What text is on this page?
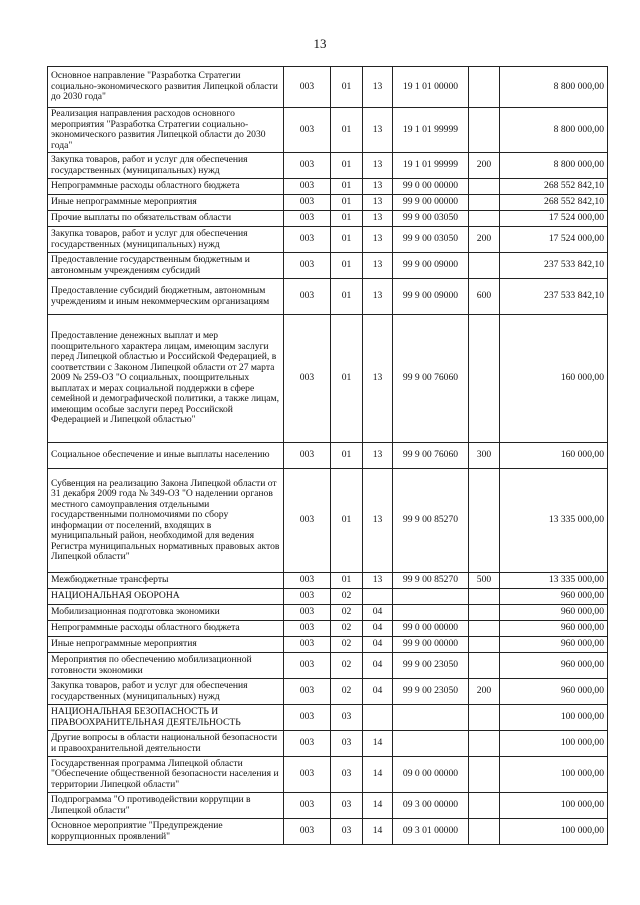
13
Основное направление "Разработка Стратегии социально-экономического развития Липецкой области до 2030 года"	003	01	13	19 1 01 00000		8 800 000,00
Реализация направления расходов основного мероприятия "Разработка Стратегии социально-экономического развития Липецкой области до 2030 года"	003	01	13	19 1 01 99999		8 800 000,00
Закупка товаров, работ и услуг для обеспечения государственных (муниципальных) нужд	003	01	13	19 1 01 99999	200	8 800 000,00
Непрограммные расходы областного бюджета	003	01	13	99 0 00 00000		268 552 842,10
Иные непрограммные мероприятия	003	01	13	99 9 00 00000		268 552 842,10
Прочие выплаты по обязательствам области	003	01	13	99 9 00 03050		17 524 000,00
Закупка товаров, работ и услуг для обеспечения государственных (муниципальных) нужд	003	01	13	99 9 00 03050	200	17 524 000,00
Предоставление государственным бюджетным и автономным учреждениям субсидий	003	01	13	99 9 00 09000		237 533 842,10
Предоставление субсидий бюджетным, автономным учреждениям и иным некоммерческим организациям	003	01	13	99 9 00 09000	600	237 533 842,10
Предоставление денежных выплат и мер поощрительного характера лицам, имеющим заслуги перед Липецкой областью и Российской Федерацией, в соответствии с Законом Липецкой области от 27 марта 2009 № 259-ОЗ "О социальных, поощрительных выплатах и мерах социальной поддержки в сфере семейной и демографической политики, а также лицам, имеющим особые заслуги перед Российской Федерацией и Липецкой областью"	003	01	13	99 9 00 76060		160 000,00
Социальное обеспечение и иные выплаты населению	003	01	13	99 9 00 76060	300	160 000,00
Субвенция на реализацию Закона Липецкой области от 31 декабря 2009 года № 349-ОЗ "О наделении органов местного самоуправления отдельными государственными полномочиями по сбору информации от поселений, входящих в муниципальный район, необходимой для ведения Регистра муниципальных нормативных правовых актов Липецкой области"	003	01	13	99 9 00 85270		13 335 000,00
Межбюджетные трансферты	003	01	13	99 9 00 85270	500	13 335 000,00
НАЦИОНАЛЬНАЯ ОБОРОНА	003	02				960 000,00
Мобилизационная подготовка экономики	003	02	04			960 000,00
Непрограммные расходы областного бюджета	003	02	04	99 0 00 00000		960 000,00
Иные непрограммные мероприятия	003	02	04	99 9 00 00000		960 000,00
Мероприятия по обеспечению мобилизационной готовности экономики	003	02	04	99 9 00 23050		960 000,00
Закупка товаров, работ и услуг для обеспечения государственных (муниципальных) нужд	003	02	04	99 9 00 23050	200	960 000,00
НАЦИОНАЛЬНАЯ БЕЗОПАСНОСТЬ И ПРАВООХРАНИТЕЛЬНАЯ ДЕЯТЕЛЬНОСТЬ	003	03				100 000,00
Другие вопросы в области национальной безопасности и правоохранительной деятельности	003	03	14			100 000,00
Государственная программа Липецкой области "Обеспечение общественной безопасности населения и территории Липецкой области"	003	03	14	09 0 00 00000		100 000,00
Подпрограмма "О противодействии коррупции в Липецкой области"	003	03	14	09 3 00 00000		100 000,00
Основное мероприятие "Предупреждение коррупционных проявлений"	003	03	14	09 3 01 00000		100 000,00
